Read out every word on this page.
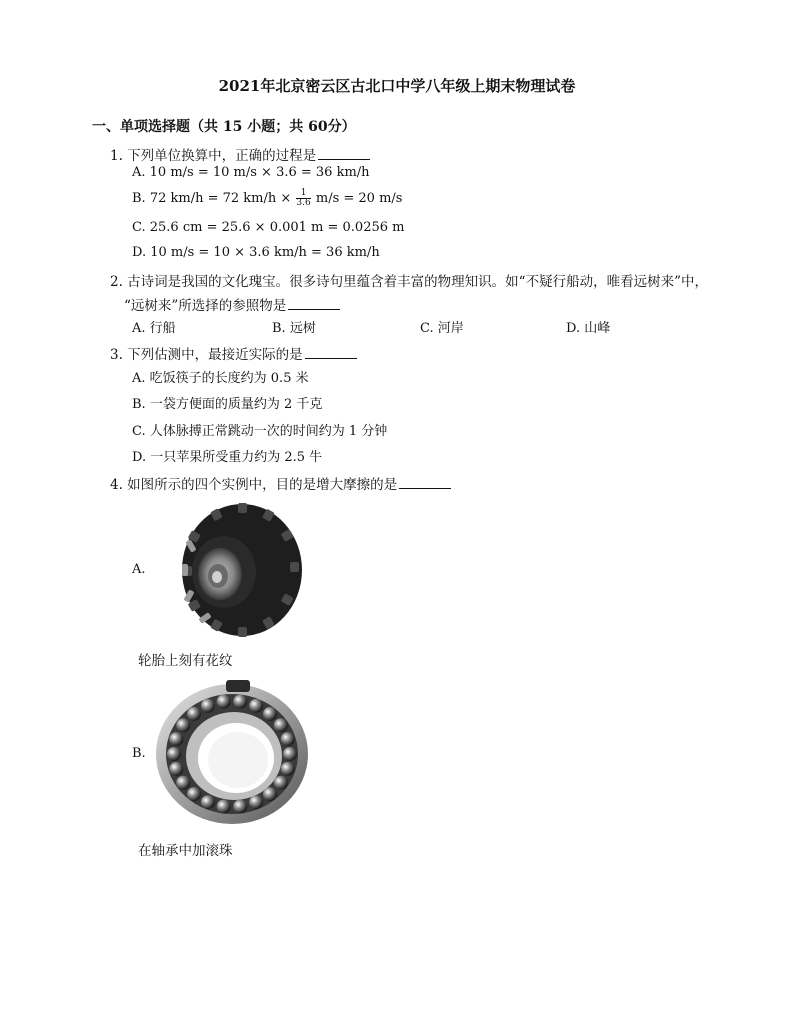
2021年北京密云区古北口中学八年级上期末物理试卷
一、单项选择题（共 15 小题；共 60分）
1. 下列单位换算中，正确的过程是
A. 10 m/s = 10 m/s × 3.6 = 36 km/h
B. 72 km/h = 72 $km/h \times \frac{1}{3.6} m/s = 20$ m/s
C. 25.6 cm = 25.6 × 0.001 m = 0.0256 m
D. 10 m/s = 10 × 3.6 km/h = 36 km/h
2. 古诗词是我国的文化瑰宝。很多诗句里蕴含着丰富的物理知识。如“不疑行船动，唯看远树来”中，
“远树来”所选择的参照物是
A. 行船	B. 远树	C. 河岸	D. 山峰
3. 下列估测中，最接近实际的是
A. 吃饭筷子的长度约为 0.5 米
B. 一袋方便面的质量约为 2 千克
C. 人体脉搏正常跳动一次的时间约为 1 分钟
D. 一只苹果所受重力约为 2.5 牛
4. 如图所示的四个实例中，目的是增大摩擦的是
A.
轮胎上刻有花纹
B.
在轴承中加滚珠
